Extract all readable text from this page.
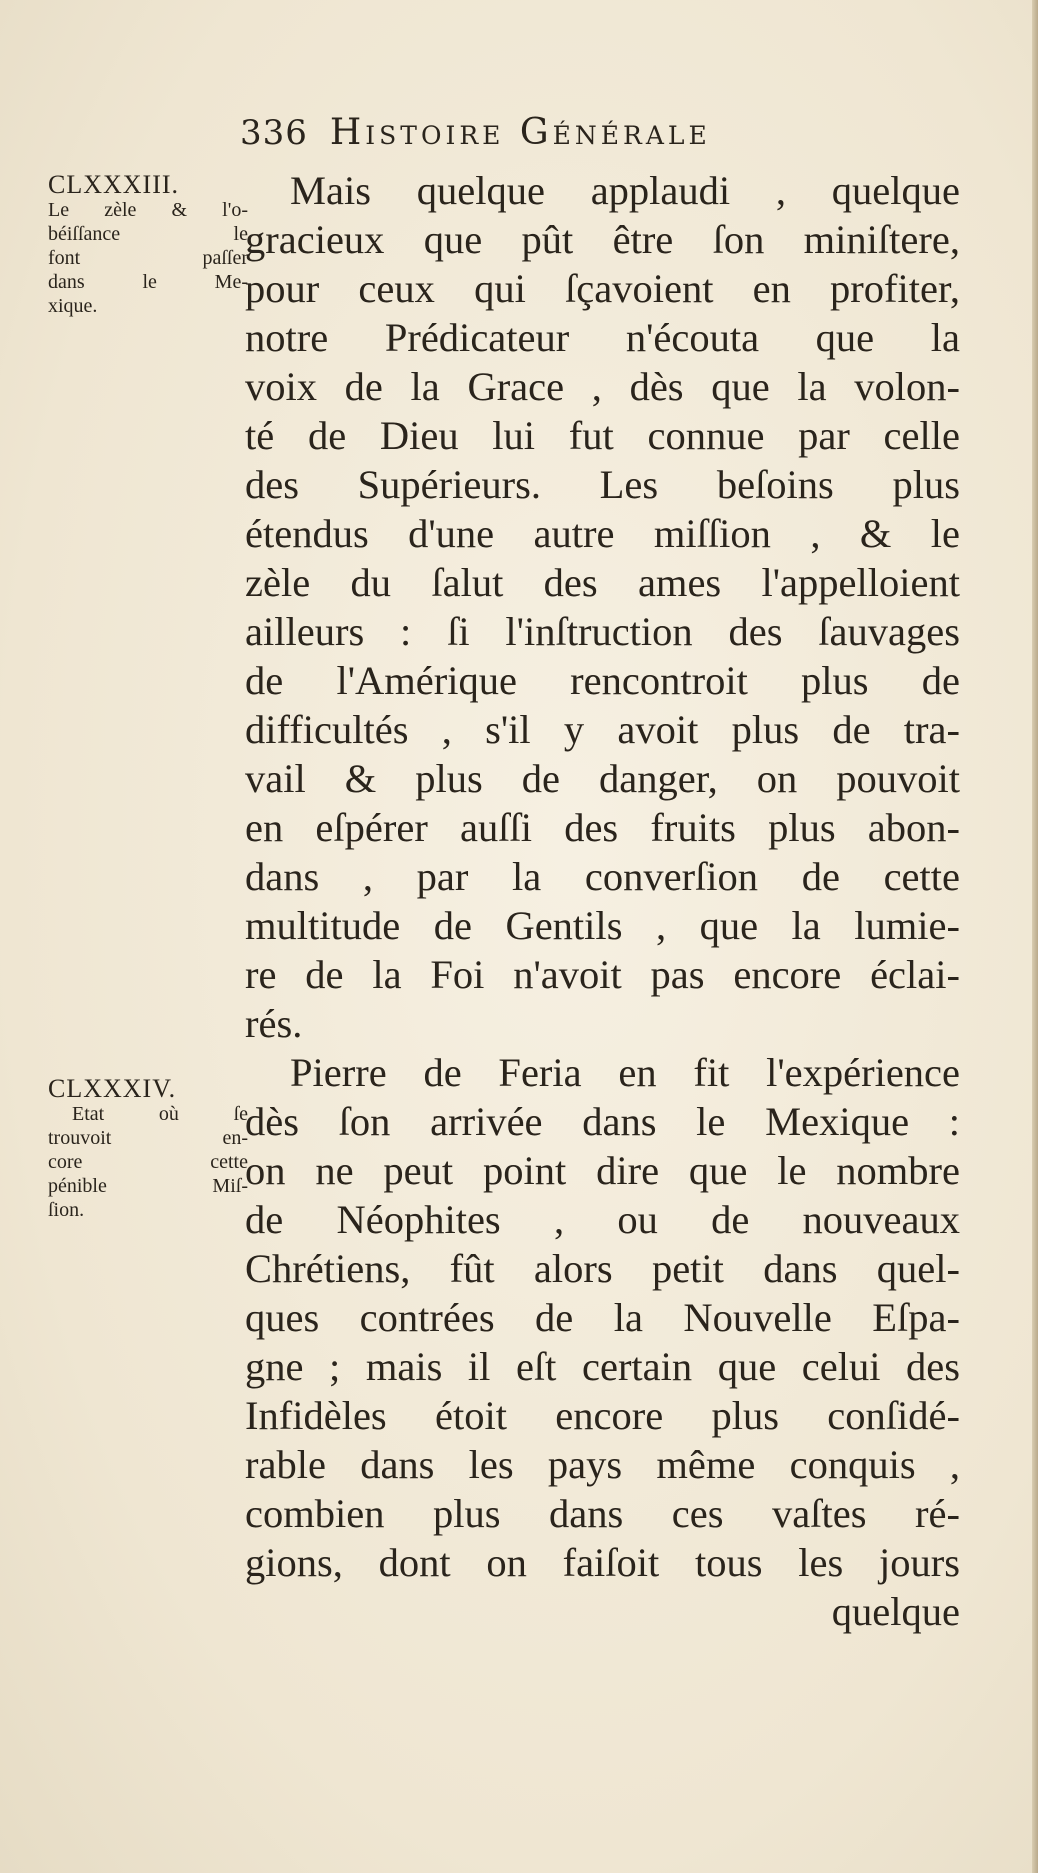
336 Histoire Générale
CLXXXIII.
Le zèle & l'o-
béiſſance le
font paſſer
dans le Me-
xique.
CLXXXIV.
Etat où ſe
trouvoit en-
core cette
pénible Miſ-
ſion.
Mais quelque applaudi , quelque
gracieux que pût être ſon miniſtere,
pour ceux qui ſçavoient en profiter,
notre Prédicateur n'écouta que la
voix de la Grace , dès que la volon-
té de Dieu lui fut connue par celle
des Supérieurs. Les beſoins plus
étendus d'une autre miſſion , & le
zèle du ſalut des ames l'appelloient
ailleurs : ſi l'inſtruction des ſauvages
de l'Amérique rencontroit plus de
difficultés , s'il y avoit plus de tra-
vail & plus de danger, on pouvoit
en eſpérer auſſi des fruits plus abon-
dans , par la converſion de cette
multitude de Gentils , que la lumie-
re de la Foi n'avoit pas encore éclai-
rés.
Pierre de Feria en fit l'expérience
dès ſon arrivée dans le Mexique :
on ne peut point dire que le nombre
de Néophites , ou de nouveaux
Chrétiens, fût alors petit dans quel-
ques contrées de la Nouvelle Eſpa-
gne ; mais il eſt certain que celui des
Infidèles étoit encore plus conſidé-
rable dans les pays même conquis ,
combien plus dans ces vaſtes ré-
gions, dont on faiſoit tous les jours
quelque
